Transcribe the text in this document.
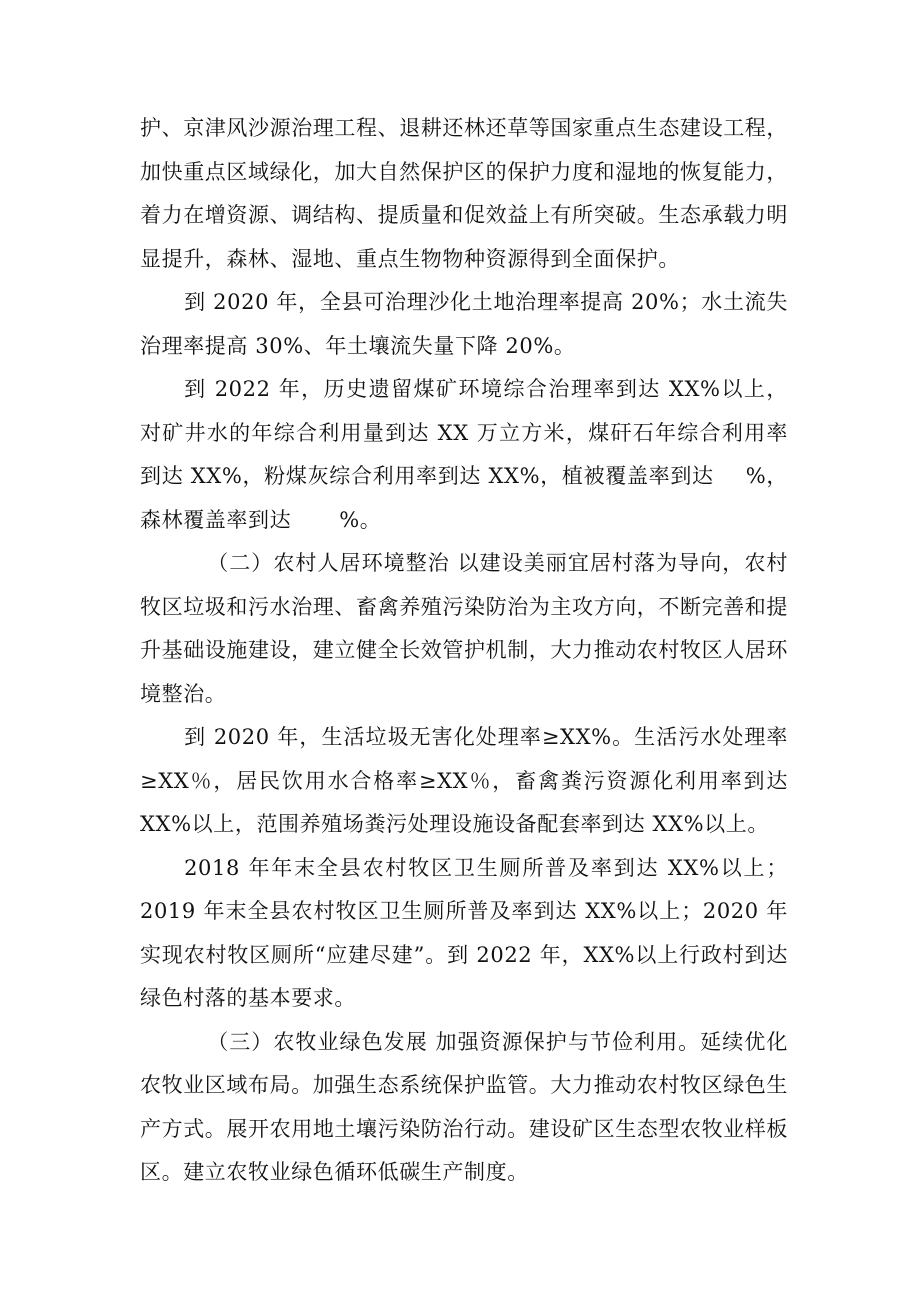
护、京津风沙源治理工程、退耕还林还草等国家重点生态建设工程，加快重点区域绿化，加大自然保护区的保护力度和湿地的恢复能力，着力在增资源、调结构、提质量和促效益上有所突破。生态承载力明显提升，森林、湿地、重点生物物种资源得到全面保护。

到 2020 年，全县可治理沙化土地治理率提高 20%；水土流失治理率提高 30%、年土壤流失量下降 20%。

到 2022 年，历史遗留煤矿环境综合治理率到达 XX%以上，对矿井水的年综合利用量到达 XX 万立方米，煤矸石年综合利用率到达 XX%，粉煤灰综合利用率到达 XX%，植被覆盖率到达 %，森林覆盖率到达 %。

（二）农村人居环境整治 以建设美丽宜居村落为导向，农村牧区垃圾和污水治理、畜禽养殖污染防治为主攻方向，不断完善和提升基础设施建设，建立健全长效管护机制，大力推动农村牧区人居环境整治。

到 2020 年，生活垃圾无害化处理率≥XX%。生活污水处理率≥XX％，居民饮用水合格率≥XX％，畜禽粪污资源化利用率到达 XX%以上，范围养殖场粪污处理设施设备配套率到达 XX%以上。

2018 年年末全县农村牧区卫生厕所普及率到达 XX%以上；2019 年末全县农村牧区卫生厕所普及率到达 XX%以上；2020 年实现农村牧区厕所“应建尽建”。到 2022 年，XX%以上行政村到达绿色村落的基本要求。

（三）农牧业绿色发展 加强资源保护与节俭利用。延续优化农牧业区域布局。加强生态系统保护监管。大力推动农村牧区绿色生产方式。展开农用地土壤污染防治行动。建设矿区生态型农牧业样板区。建立农牧业绿色循环低碳生产制度。
